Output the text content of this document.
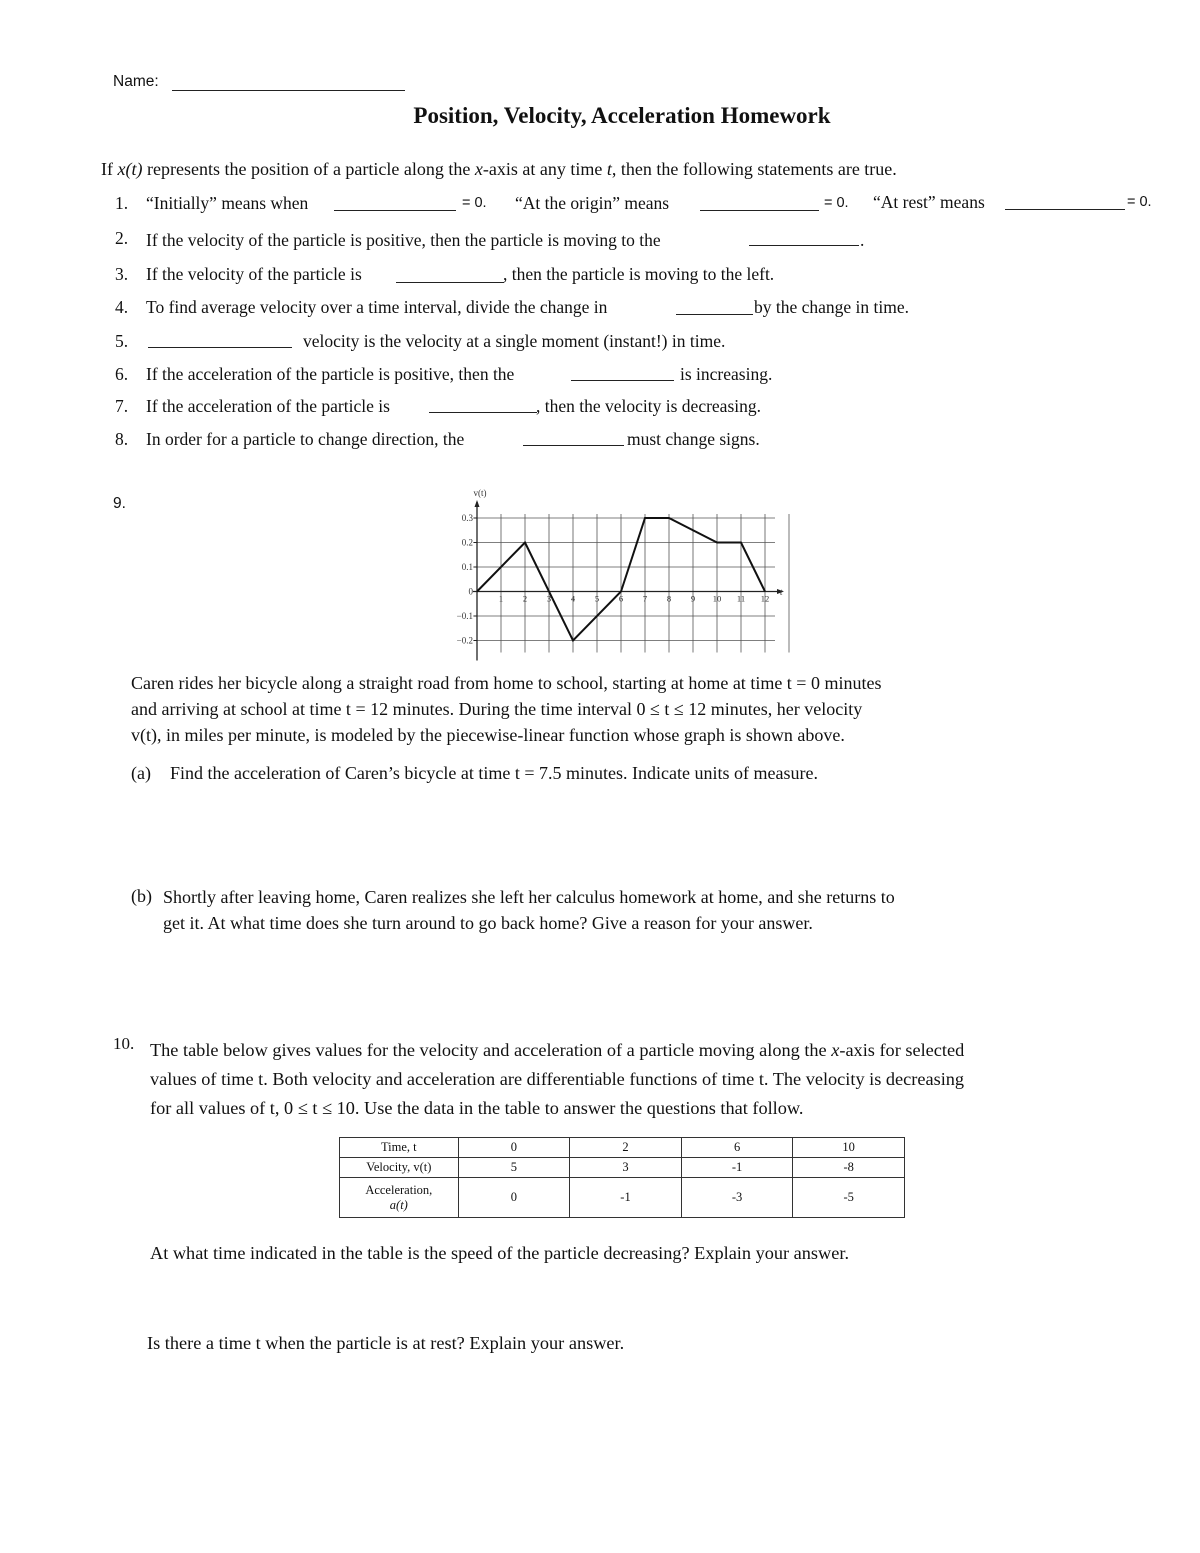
Name:
Position, Velocity, Acceleration Homework
If x(t) represents the position of a particle along the x-axis at any time t, then the following statements are true.
1. “Initially” means when	= 0. “At the origin” means	= 0. “At rest” means	= 0.
2. If the velocity of the particle is positive, then the particle is moving to the	.
3. If the velocity of the particle is	, then the particle is moving to the left.
4. To find average velocity over a time interval, divide the change in	by the change in time.
5.	velocity is the velocity at a single moment (instant!) in time.
6. If the acceleration of the particle is positive, then the	is increasing.
7. If the acceleration of the particle is	, then the velocity is decreasing.
8. In order for a particle to change direction, the	must change signs.
9.
0.3
0.2
0.1
0
−0.1
−0.2
1 2 3 4 5 6 7 8 9 10 11 12
v(t)
t
Caren rides her bicycle along a straight road from home to school, starting at home at time t = 0 minutes
and arriving at school at time t = 12 minutes. During the time interval 0 ≤ t ≤ 12 minutes, her velocity
v(t), in miles per minute, is modeled by the piecewise-linear function whose graph is shown above.
(a) Find the acceleration of Caren’s bicycle at time t = 7.5 minutes. Indicate units of measure.
(b) Shortly after leaving home, Caren realizes she left her calculus homework at home, and she returns to
get it. At what time does she turn around to go back home? Give a reason for your answer.
10. The table below gives values for the velocity and acceleration of a particle moving along the x-axis for selected
values of time t. Both velocity and acceleration are differentiable functions of time t. The velocity is decreasing
for all values of t, 0 ≤ t ≤ 10. Use the data in the table to answer the questions that follow.
Time, t	0	2	6	10
Velocity, v(t)	5	3	-1	-8

Acceleration,
a(t)	0	-1	-3	-5
At what time indicated in the table is the speed of the particle decreasing? Explain your answer.
Is there a time t when the particle is at rest? Explain your answer.
